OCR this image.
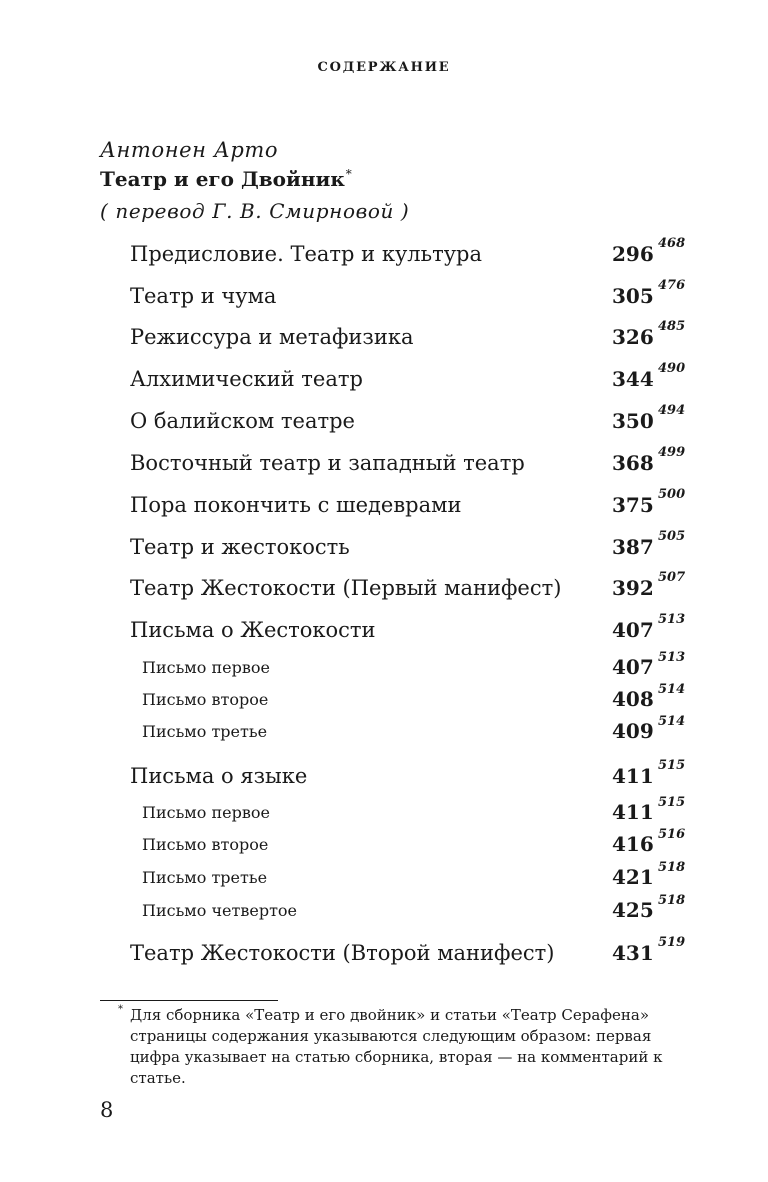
СОДЕРЖАНИЕ
Антонен Арто
Театр и его Двойник*
( перевод Г. В. Смирновой )
Предисловие. Театр и культура	296 468
Театр и чума	305 476
Режиссура и метафизика	326 485
Алхимический театр	344 490
О балийском театре	350 494
Восточный театр и западный театр	368 499
Пора покончить с шедеврами	375 500
Театр и жестокость	387 505
Театр Жестокости (Первый манифест)	392 507
Письма о Жестокости	407 513
Письмо первое	407 513
Письмо второе	408 514
Письмо третье	409 514
Письма о языке	411 515
Письмо первое	411 515
Письмо второе	416 516
Письмо третье	421 518
Письмо четвертое	425 518
Театр Жестокости (Второй манифест)	431 519
* Для сборника «Театр и его двойник» и статьи «Театр Серафена» страницы содержания указываются следующим образом: первая цифра указывает на статью сборника, вторая — на комментарий к статье.
8
